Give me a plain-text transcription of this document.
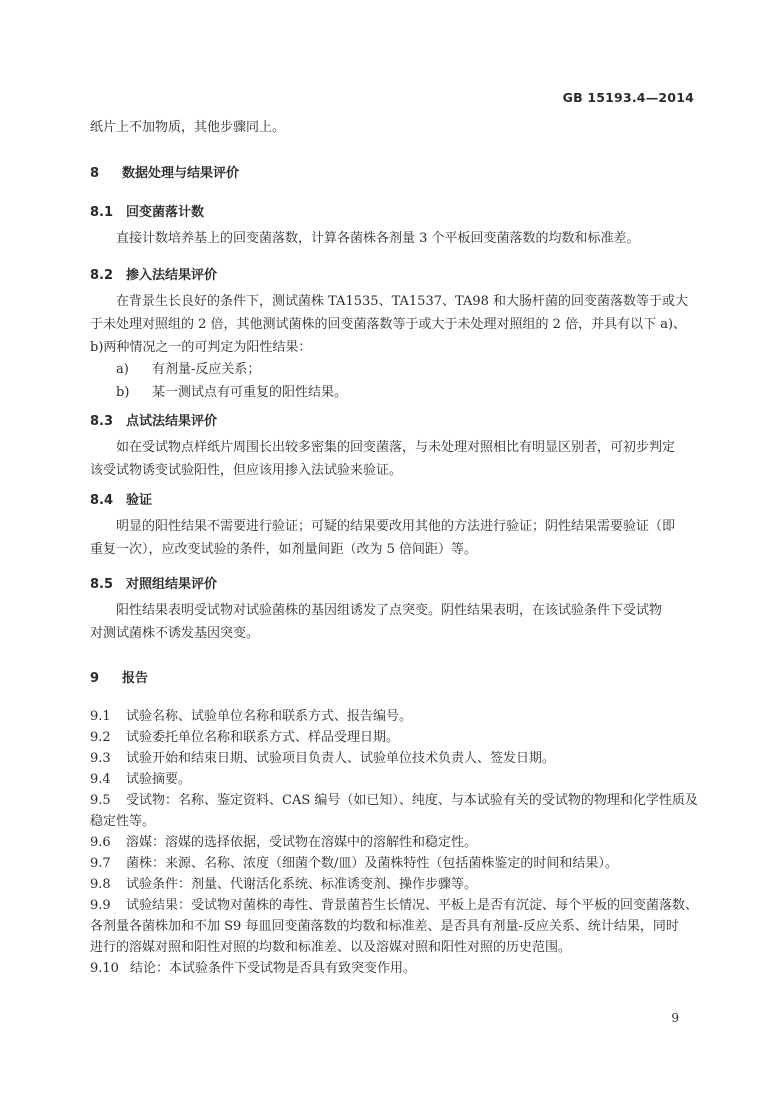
GB 15193.4—2014
纸片上不加物质，其他步骤同上。
8 数据处理与结果评价
8.1 回变菌落计数
直接计数培养基上的回变菌落数，计算各菌株各剂量 3 个平板回变菌落数的均数和标准差。
8.2 掺入法结果评价
在背景生长良好的条件下，测试菌株 TA1535、TA1537、TA98 和大肠杆菌的回变菌落数等于或大
于未处理对照组的 2 倍，其他测试菌株的回变菌落数等于或大于未处理对照组的 2 倍，并具有以下 a)、
b)两种情况之一的可判定为阳性结果：
a) 有剂量-反应关系；
b) 某一测试点有可重复的阳性结果。
8.3 点试法结果评价
如在受试物点样纸片周围长出较多密集的回变菌落，与未处理对照相比有明显区别者，可初步判定
该受试物诱变试验阳性，但应该用掺入法试验来验证。
8.4 验证
明显的阳性结果不需要进行验证；可疑的结果要改用其他的方法进行验证；阴性结果需要验证（即
重复一次），应改变试验的条件，如剂量间距（改为 5 倍间距）等。
8.5 对照组结果评价
阳性结果表明受试物对试验菌株的基因组诱发了点突变。阴性结果表明，在该试验条件下受试物
对测试菌株不诱发基因突变。
9 报告
9.1 试验名称、试验单位名称和联系方式、报告编号。
9.2 试验委托单位名称和联系方式、样品受理日期。
9.3 试验开始和结束日期、试验项目负责人、试验单位技术负责人、签发日期。
9.4 试验摘要。
9.5 受试物：名称、鉴定资料、CAS 编号（如已知）、纯度、与本试验有关的受试物的物理和化学性质及
稳定性等。
9.6 溶媒：溶媒的选择依据，受试物在溶媒中的溶解性和稳定性。
9.7 菌株：来源、名称、浓度（细菌个数/皿）及菌株特性（包括菌株鉴定的时间和结果）。
9.8 试验条件：剂量、代谢活化系统、标准诱变剂、操作步骤等。
9.9 试验结果：受试物对菌株的毒性、背景菌苔生长情况、平板上是否有沉淀、每个平板的回变菌落数、
各剂量各菌株加和不加 S9 每皿回变菌落数的均数和标准差、是否具有剂量-反应关系、统计结果，同时
进行的溶媒对照和阳性对照的均数和标准差、以及溶媒对照和阳性对照的历史范围。
9.10 结论：本试验条件下受试物是否具有致突变作用。
9
